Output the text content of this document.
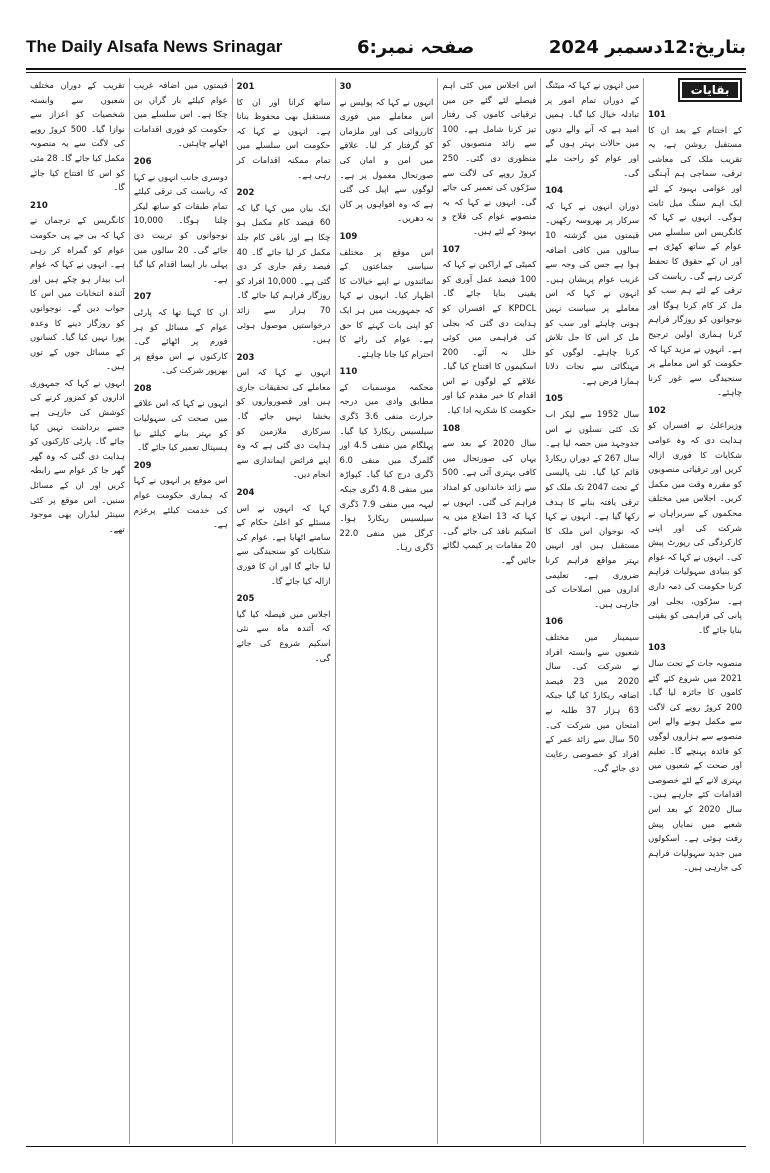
The Daily Alsafa News Srinagar	صفحہ نمبر:6	بتاریخ:12دسمبر 2024
بقایات
101

کے اختتام کے بعد ان کا مستقبل روشن ہے، یہ تقریب ملک کی معاشی ترقی، سماجی ہم آہنگی اور عوامی بہبود کے لئے ایک اہم سنگ میل ثابت ہوگی۔ انہوں نے کہا کہ کانگریس اس سلسلے میں عوام کے ساتھ کھڑی ہے اور ان کے حقوق کا تحفظ کرتی رہے گی۔ ریاست کی ترقی کے لئے ہم سب کو مل کر کام کرنا ہوگا اور نوجوانوں کو روزگار فراہم کرنا ہماری اولین ترجیح ہے۔ انہوں نے مزید کہا کہ حکومت کو اس معاملے پر سنجیدگی سے غور کرنا چاہئے۔

102

وزیراعلیٰ نے افسران کو ہدایت دی کہ وہ عوامی شکایات کا فوری ازالہ کریں اور ترقیاتی منصوبوں کو مقررہ وقت میں مکمل کریں۔ اجلاس میں مختلف محکموں کے سربراہان نے شرکت کی اور اپنی کارکردگی کی رپورٹ پیش کی۔ انہوں نے کہا کہ عوام کو بنیادی سہولیات فراہم کرنا حکومت کی ذمہ داری ہے۔ سڑکوں، بجلی اور پانی کی فراہمی کو یقینی بنایا جائے گا۔

103

منصوبہ جات کے تحت سال 2021 میں شروع کئے گئے کاموں کا جائزہ لیا گیا۔ 200 کروڑ روپے کی لاگت سے مکمل ہونے والے اس منصوبے سے ہزاروں لوگوں کو فائدہ پہنچے گا۔ تعلیم اور صحت کے شعبوں میں بہتری لانے کے لئے خصوصی اقدامات کئے جارہے ہیں۔ سال 2020 کے بعد اس شعبے میں نمایاں پیش رفت ہوئی ہے۔ اسکولوں میں جدید سہولیات فراہم کی جارہی ہیں۔

میں انہوں نے کہا کہ میٹنگ کے دوران تمام امور پر تبادلہ خیال کیا گیا۔ ہمیں امید ہے کہ آنے والے دنوں میں حالات بہتر ہوں گے اور عوام کو راحت ملے گی۔

104

دوران انہوں نے کہا کہ سرکار پر بھروسہ رکھیں۔ قیمتوں میں گزشتہ 10 سالوں میں کافی اضافہ ہوا ہے جس کی وجہ سے غریب عوام پریشان ہیں۔ انہوں نے کہا کہ اس معاملے پر سیاست نہیں ہونی چاہئے اور سب کو مل کر اس کا حل تلاش کرنا چاہئے۔ لوگوں کو مہنگائی سے نجات دلانا ہمارا فرض ہے۔

105

سال 1952 سے لیکر اب تک کئی نسلوں نے اس جدوجہد میں حصہ لیا ہے۔ سال 267 کے دوران ریکارڈ قائم کیا گیا۔ نئی پالیسی کے تحت 2047 تک ملک کو ترقی یافتہ بنانے کا ہدف رکھا گیا ہے۔ انہوں نے کہا کہ نوجوان اس ملک کا مستقبل ہیں اور انہیں بہتر مواقع فراہم کرنا ضروری ہے۔ تعلیمی اداروں میں اصلاحات کی جارہی ہیں۔

106

سیمینار میں مختلف شعبوں سے وابستہ افراد نے شرکت کی۔ سال 2020 میں 23 فیصد اضافہ ریکارڈ کیا گیا جبکہ 63 ہزار 37 طلبہ نے امتحان میں شرکت کی۔ 50 سال سے زائد عمر کے افراد کو خصوصی رعایت دی جائے گی۔

اس اجلاس میں کئی اہم فیصلے لئے گئے جن میں ترقیاتی کاموں کی رفتار تیز کرنا شامل ہے۔ 100 سے زائد منصوبوں کو منظوری دی گئی۔ 250 کروڑ روپے کی لاگت سے سڑکوں کی تعمیر کی جائے گی۔ انہوں نے کہا کہ یہ منصوبے عوام کی فلاح و بہبود کے لئے ہیں۔

107

کمیٹی کے اراکین نے کہا کہ 100 فیصد عمل آوری کو یقینی بنایا جائے گا۔ KPDCL کے افسران کو ہدایت دی گئی کہ بجلی کی فراہمی میں کوئی خلل نہ آئے۔ 200 اسکیموں کا افتتاح کیا گیا۔ علاقے کے لوگوں نے اس اقدام کا خیر مقدم کیا اور حکومت کا شکریہ ادا کیا۔

108

سال 2020 کے بعد سے یہاں کی صورتحال میں کافی بہتری آئی ہے۔ 500 سے زائد خاندانوں کو امداد فراہم کی گئی۔ انہوں نے کہا کہ 13 اضلاع میں یہ اسکیم نافذ کی جائے گی۔ 20 مقامات پر کیمپ لگائے جائیں گے۔

30

انہوں نے کہا کہ پولیس نے اس معاملے میں فوری کارروائی کی اور ملزمان کو گرفتار کر لیا۔ علاقے میں امن و امان کی صورتحال معمول پر ہے۔ لوگوں سے اپیل کی گئی ہے کہ وہ افواہوں پر کان نہ دھریں۔

109

اس موقع پر مختلف سیاسی جماعتوں کے نمائندوں نے اپنے خیالات کا اظہار کیا۔ انہوں نے کہا کہ جمہوریت میں ہر ایک کو اپنی بات کہنے کا حق ہے۔ عوام کی رائے کا احترام کیا جانا چاہئے۔

110

محکمہ موسمیات کے مطابق وادی میں درجہ حرارت منفی 3.6 ڈگری سیلسیس ریکارڈ کیا گیا۔ پہلگام میں منفی 4.5 اور گلمرگ میں منفی 6.0 ڈگری درج کیا گیا۔ کپواڑہ میں منفی 4.8 ڈگری جبکہ لیہہ میں منفی 7.9 ڈگری سیلسیس ریکارڈ ہوا۔ کرگل میں منفی 22.0 ڈگری رہا۔

201

ساتھ کرانا اور ان کا مستقبل بھی محفوظ بنانا ہے۔ انہوں نے کہا کہ حکومت اس سلسلے میں تمام ممکنہ اقدامات کر رہی ہے۔

202

ایک بیان میں کہا گیا کہ 60 فیصد کام مکمل ہو چکا ہے اور باقی کام جلد مکمل کر لیا جائے گا۔ 40 فیصد رقم جاری کر دی گئی ہے۔ 10,000 افراد کو روزگار فراہم کیا جائے گا۔ 70 ہزار سے زائد درخواستیں موصول ہوئی ہیں۔

203

انہوں نے کہا کہ اس معاملے کی تحقیقات جاری ہیں اور قصورواروں کو بخشا نہیں جائے گا۔ سرکاری ملازمین کو ہدایت دی گئی ہے کہ وہ اپنے فرائض ایمانداری سے انجام دیں۔

204

کہا کہ انہوں نے اس مسئلے کو اعلیٰ حکام کے سامنے اٹھایا ہے۔ عوام کی شکایات کو سنجیدگی سے لیا جائے گا اور ان کا فوری ازالہ کیا جائے گا۔

205

اجلاس میں فیصلہ کیا گیا کہ آئندہ ماہ سے نئی اسکیم شروع کی جائے گی۔

قیمتوں میں اضافہ غریب عوام کیلئے بار گراں بن چکا ہے۔ اس سلسلے میں حکومت کو فوری اقدامات اٹھانے چاہئیں۔

206

دوسری جانب انہوں نے کہا کہ ریاست کی ترقی کیلئے تمام طبقات کو ساتھ لیکر چلنا ہوگا۔ 10,000 نوجوانوں کو تربیت دی جائے گی۔ 20 سالوں میں پہلی بار ایسا اقدام کیا گیا ہے۔

207

ان کا کہنا تھا کہ پارٹی عوام کے مسائل کو ہر فورم پر اٹھائے گی۔ کارکنوں نے اس موقع پر بھرپور شرکت کی۔

208

انہوں نے کہا کہ اس علاقے میں صحت کی سہولیات کو بہتر بنانے کیلئے نیا ہسپتال تعمیر کیا جائے گا۔

209

اس موقع پر انہوں نے کہا کہ ہماری حکومت عوام کی خدمت کیلئے پرعزم ہے۔

تقریب کے دوران مختلف شعبوں سے وابستہ شخصیات کو اعزاز سے نوازا گیا۔ 500 کروڑ روپے کی لاگت سے یہ منصوبہ مکمل کیا جائے گا۔ 28 مئی کو اس کا افتتاح کیا جائے گا۔

210

کانگریس کے ترجمان نے کہا کہ بی جے پی حکومت عوام کو گمراہ کر رہی ہے۔ انہوں نے کہا کہ عوام اب بیدار ہو چکے ہیں اور آئندہ انتخابات میں اس کا جواب دیں گے۔ نوجوانوں کو روزگار دینے کا وعدہ پورا نہیں کیا گیا۔ کسانوں کے مسائل جوں کے توں ہیں۔

انہوں نے کہا کہ جمہوری اداروں کو کمزور کرنے کی کوشش کی جارہی ہے جسے برداشت نہیں کیا جائے گا۔ پارٹی کارکنوں کو ہدایت دی گئی کہ وہ گھر گھر جا کر عوام سے رابطہ کریں اور ان کے مسائل سنیں۔ اس موقع پر کئی سینئر لیڈران بھی موجود تھے۔
